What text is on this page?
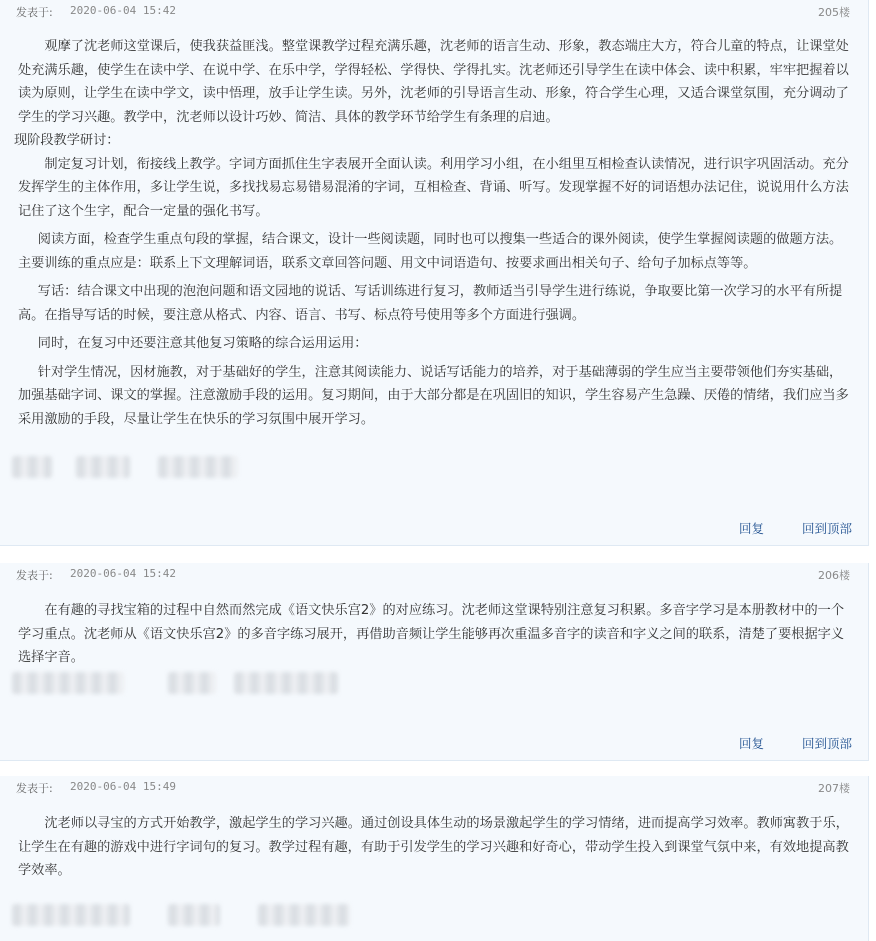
发表于: 2020-06-04 15:42	205楼

观摩了沈老师这堂课后，使我获益匪浅。整堂课教学过程充满乐趣，沈老师的语言生动、形象，教态端庄大方，符合儿童的特点，让课堂处处充满乐趣，使学生在读中学、在说中学、在乐中学，学得轻松、学得快、学得扎实。沈老师还引导学生在读中体会、读中积累，牢牢把握着以读为原则，让学生在读中学文，读中悟理，放手让学生读。另外，沈老师的引导语言生动、形象，符合学生心理，又适合课堂氛围，充分调动了学生的学习兴趣。教学中，沈老师以设计巧妙、简洁、具体的教学环节给学生有条理的启迪。

现阶段教学研讨：

制定复习计划，衔接线上教学。字词方面抓住生字表展开全面认读。利用学习小组，在小组里互相检查认读情况，进行识字巩固活动。充分发挥学生的主体作用，多让学生说，多找找易忘易错易混淆的字词，互相检查、背诵、听写。发现掌握不好的词语想办法记住，说说用什么方法记住了这个生字，配合一定量的强化书写。

阅读方面，检查学生重点句段的掌握，结合课文，设计一些阅读题，同时也可以搜集一些适合的课外阅读，使学生掌握阅读题的做题方法。主要训练的重点应是：联系上下文理解词语，联系文章回答问题、用文中词语造句、按要求画出相关句子、给句子加标点等等。

写话：结合课文中出现的泡泡问题和语文园地的说话、写话训练进行复习，教师适当引导学生进行练说，争取要比第一次学习的水平有所提高。在指导写话的时候，要注意从格式、内容、语言、书写、标点符号使用等多个方面进行强调。

同时，在复习中还要注意其他复习策略的综合运用运用：

针对学生情况，因材施教，对于基础好的学生，注意其阅读能力、说话写话能力的培养，对于基础薄弱的学生应当主要带领他们夯实基础，加强基础字词、课文的掌握。注意激励手段的运用。复习期间，由于大部分都是在巩固旧的知识，学生容易产生急躁、厌倦的情绪，我们应当多采用激励的手段，尽量让学生在快乐的学习氛围中展开学习。

回复	回到顶部
发表于: 2020-06-04 15:42	206楼

在有趣的寻找宝箱的过程中自然而然完成《语文快乐宫2》的对应练习。沈老师这堂课特别注意复习积累。多音字学习是本册教材中的一个学习重点。沈老师从《语文快乐宫2》的多音字练习展开，再借助音频让学生能够再次重温多音字的读音和字义之间的联系，清楚了要根据字义选择字音。

回复	回到顶部
发表于: 2020-06-04 15:49	207楼

沈老师以寻宝的方式开始教学，激起学生的学习兴趣。通过创设具体生动的场景激起学生的学习情绪，进而提高学习效率。教师寓教于乐，让学生在有趣的游戏中进行字词句的复习。教学过程有趣，有助于引发学生的学习兴趣和好奇心，带动学生投入到课堂气氛中来，有效地提高教学效率。
